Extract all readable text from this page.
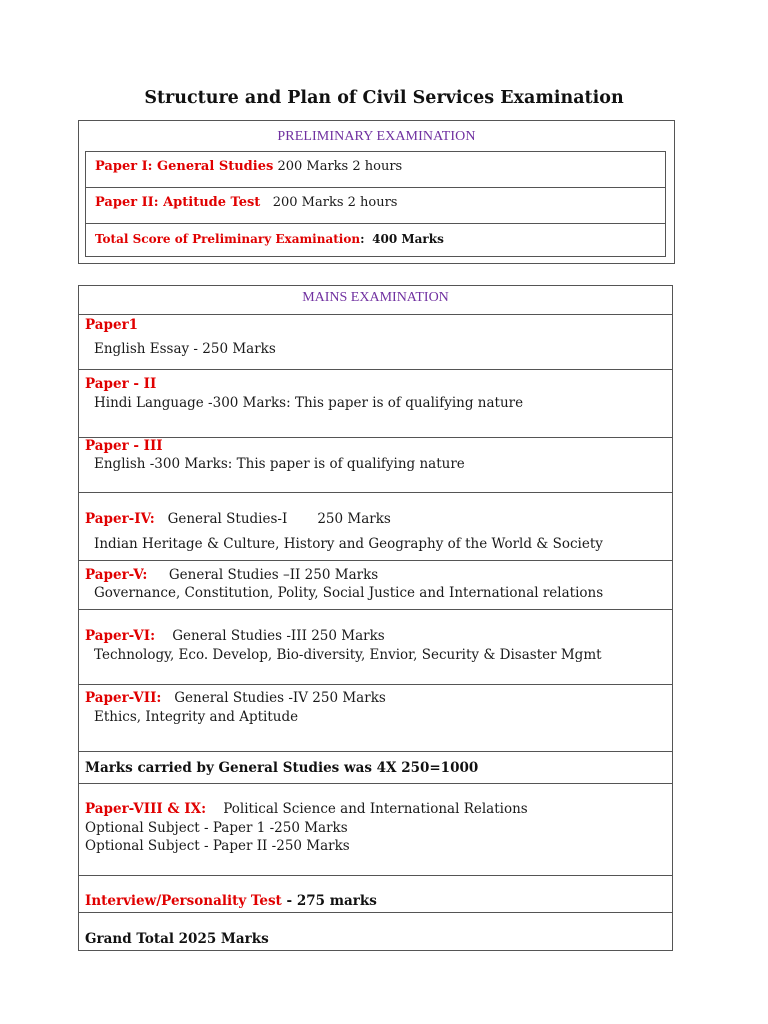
Structure and Plan of Civil Services Examination
PRELIMINARY EXAMINATION
Paper I: General Studies 200 Marks 2 hours
Paper II: Aptitude Test 200 Marks 2 hours
Total Score of Preliminary Examination: 400 Marks
MAINS EXAMINATION
Paper1
English Essay - 250 Marks
Paper - II
Hindi Language -300 Marks: This paper is of qualifying nature
Paper - III
English -300 Marks: This paper is of qualifying nature
Paper-IV: General Studies-I 250 Marks
Indian Heritage & Culture, History and Geography of the World & Society
Paper-V: General Studies –II 250 Marks
Governance, Constitution, Polity, Social Justice and International relations
Paper-VI: General Studies -III 250 Marks
Technology, Eco. Develop, Bio-diversity, Envior, Security & Disaster Mgmt
Paper-VII: General Studies -IV 250 Marks
Ethics, Integrity and Aptitude
Marks carried by General Studies was 4X 250=1000
Paper-VIII & IX: Political Science and International Relations
Optional Subject - Paper 1 -250 Marks
Optional Subject - Paper II -250 Marks
Interview/Personality Test - 275 marks
Grand Total 2025 Marks
